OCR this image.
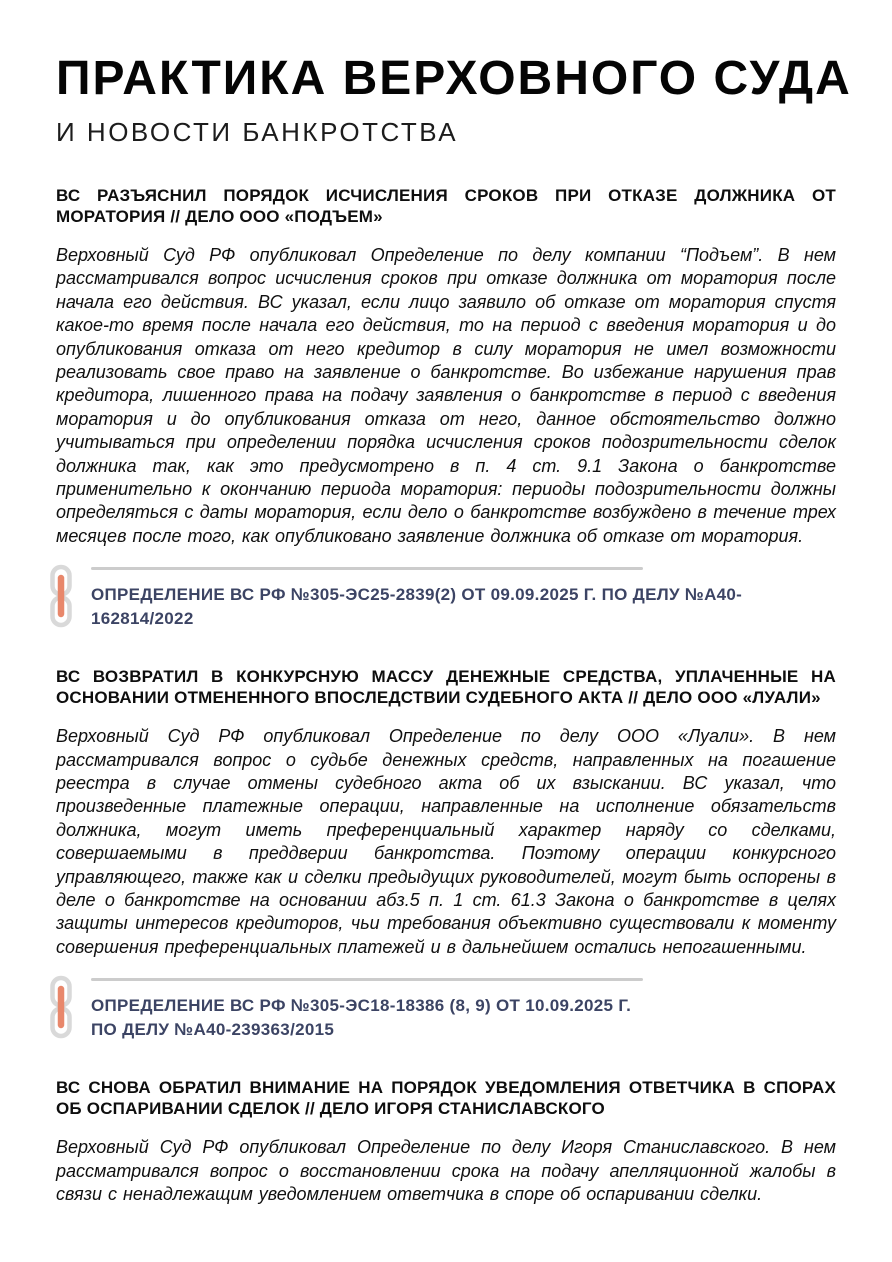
ПРАКТИКА ВЕРХОВНОГО СУДА
И НОВОСТИ БАНКРОТСТВА
ВС РАЗЪЯСНИЛ ПОРЯДОК ИСЧИСЛЕНИЯ СРОКОВ ПРИ ОТКАЗЕ ДОЛЖНИКА ОТ МОРАТОРИЯ // ДЕЛО ООО «ПОДЪЕМ»

Верховный Суд РФ опубликовал Определение по делу компании “Подъем”. В нем рассматривался вопрос исчисления сроков при отказе должника от моратория после начала его действия. ВС указал, если лицо заявило об отказе от моратория спустя какое-то время после начала его действия, то на период с введения моратория и до опубликования отказа от него кредитор в силу моратория не имел возможности реализовать свое право на заявление о банкротстве. Во избежание нарушения прав кредитора, лишенного права на подачу заявления о банкротстве в период с введения моратория и до опубликования отказа от него, данное обстоятельство должно учитываться при определении порядка исчисления сроков подозрительности сделок должника так, как это предусмотрено в п. 4 ст. 9.1 Закона о банкротстве применительно к окончанию периода моратория: периоды подозрительности должны определяться с даты моратория, если дело о банкротстве возбуждено в течение трех месяцев после того, как опубликовано заявление должника об отказе от моратория.

ОПРЕДЕЛЕНИЕ ВС РФ №305-ЭС25-2839(2) ОТ 09.09.2025 Г. ПО ДЕЛУ №А40-162814/2022
ВС ВОЗВРАТИЛ В КОНКУРСНУЮ МАССУ ДЕНЕЖНЫЕ СРЕДСТВА, УПЛАЧЕННЫЕ НА ОСНОВАНИИ ОТМЕНЕННОГО ВПОСЛЕДСТВИИ СУДЕБНОГО АКТА // ДЕЛО ООО «ЛУАЛИ»

Верховный Суд РФ опубликовал Определение по делу ООО «Луали». В нем рассматривался вопрос о судьбе денежных средств, направленных на погашение реестра в случае отмены судебного акта об их взыскании. ВС указал, что произведенные платежные операции, направленные на исполнение обязательств должника, могут иметь преференциальный характер наряду со сделками, совершаемыми в преддверии банкротства. Поэтому операции конкурсного управляющего, также как и сделки предыдущих руководителей, могут быть оспорены в деле о банкротстве на основании абз.5 п. 1 ст. 61.3 Закона о банкротстве в целях защиты интересов кредиторов, чьи требования объективно существовали к моменту совершения преференциальных платежей и в дальнейшем остались непогашенными.

ОПРЕДЕЛЕНИЕ ВС РФ №305-ЭС18-18386 (8, 9) ОТ 10.09.2025 Г.
ПО ДЕЛУ №А40-239363/2015
ВС СНОВА ОБРАТИЛ ВНИМАНИЕ НА ПОРЯДОК УВЕДОМЛЕНИЯ ОТВЕТЧИКА В СПОРАХ ОБ ОСПАРИВАНИИ СДЕЛОК // ДЕЛО ИГОРЯ СТАНИСЛАВСКОГО

Верховный Суд РФ опубликовал Определение по делу Игоря Станиславского. В нем рассматривался вопрос о восстановлении срока на подачу апелляционной жалобы в связи с ненадлежащим уведомлением ответчика в споре об оспаривании сделки.
